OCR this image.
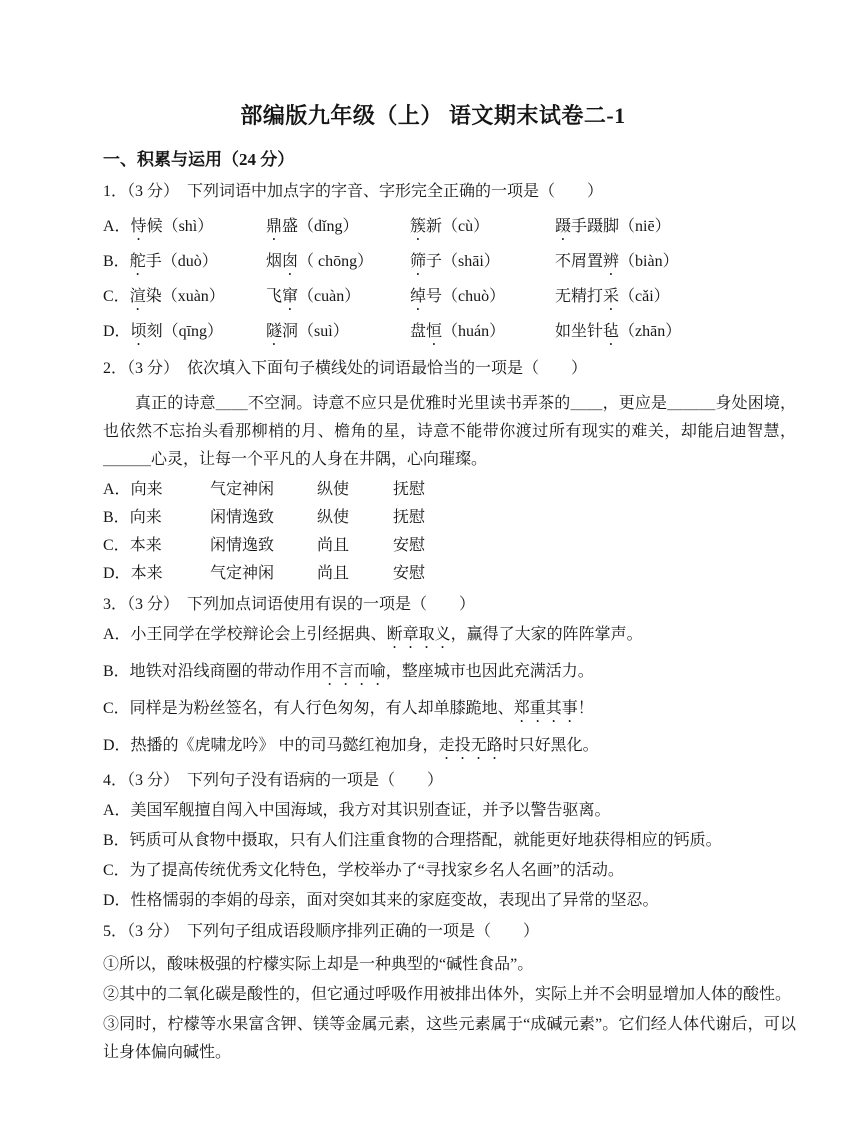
部编版九年级（上） 语文期末试卷二-1
一、积累与运用（24 分）

1．（3 分）　下列词语中加点字的字音、字形完全正确的一项是（　　）

A．恃候（shì）	鼎盛（dǐng）	簇新（cù）	蹑手蹑脚（niē）
B．舵手（duò）	烟囱（ chōng）	筛子（shāi）	不屑置辨（biàn）
C．渲染（xuàn）	飞窜（cuàn）	绰号（chuò）	无精打采（cǎi）
D．顷刻（qīng）	隧洞（suì）	盘恒（huán）	如坐针毡（zhān）

2．（3 分）　依次填入下面句子横线处的词语最恰当的一项是（　　）

真正的诗意＿＿不空洞。诗意不应只是优雅时光里读书弄茶的＿＿，更应是＿＿＿身处困境，也依然不忘抬头看那柳梢的月、檐角的星，诗意不能带你渡过所有现实的难关，却能启迪智慧，＿＿＿心灵，让每一个平凡的人身在井隅，心向璀璨。

A．向来	气定神闲	纵使	抚慰
B．向来	闲情逸致	纵使	抚慰
C．本来	闲情逸致	尚且	安慰
D．本来	气定神闲	尚且	安慰

3．（3 分）　下列加点词语使用有误的一项是（　　）

A．小王同学在学校辩论会上引经据典、断章取义，赢得了大家的阵阵掌声。

B．地铁对沿线商圈的带动作用不言而喻，整座城市也因此充满活力。

C．同样是为粉丝签名，有人行色匆匆，有人却单膝跪地、郑重其事！

D．热播的《虎啸龙吟》 中的司马懿红袍加身，走投无路时只好黑化。

4．（3 分）　下列句子没有语病的一项是（　　）

A．美国军舰擅自闯入中国海域，我方对其识别查证，并予以警告驱离。

B．钙质可从食物中摄取，只有人们注重食物的合理搭配，就能更好地获得相应的钙质。

C．为了提高传统优秀文化特色，学校举办了“寻找家乡名人名画”的活动。

D．性格懦弱的李娟的母亲，面对突如其来的家庭变故，表现出了异常的坚忍。

5．（3 分）　下列句子组成语段顺序排列正确的一项是（　　）

①所以，酸味极强的柠檬实际上却是一种典型的“碱性食品”。

②其中的二氧化碳是酸性的，但它通过呼吸作用被排出体外，实际上并不会明显增加人体的酸性。

③同时，柠檬等水果富含钾、镁等金属元素，这些元素属于“成碱元素”。它们经人体代谢后，可以让身体偏向碱性。
